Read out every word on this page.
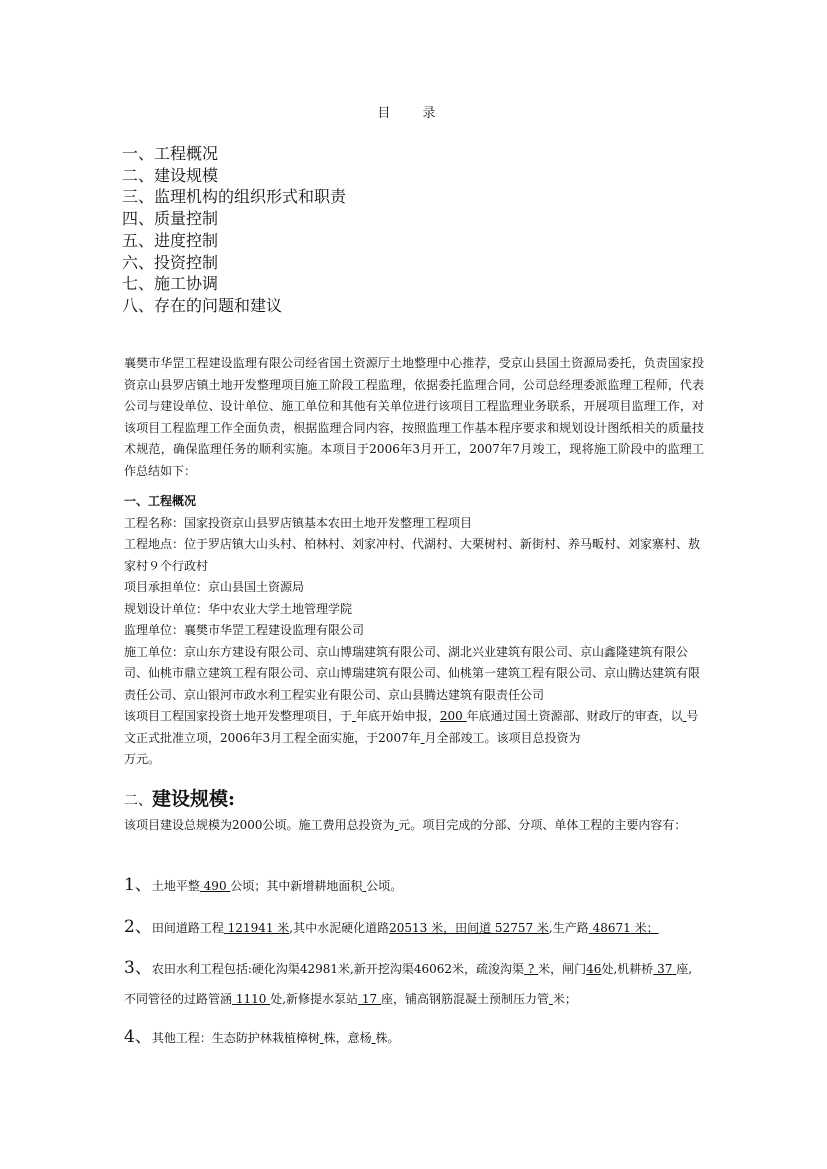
目 录
一、工程概况
二、建设规模
三、监理机构的组织形式和职责
四、质量控制
五、进度控制
六、投资控制
七、施工协调
八、存在的问题和建议

襄樊市华罡工程建设监理有限公司经省国土资源厅土地整理中心推荐，受京山县国土资源局委托，负责国家投资京山县罗店镇土地开发整理项目施工阶段工程监理，依据委托监理合同，公司总经理委派监理工程师，代表公司与建设单位、设计单位、施工单位和其他有关单位进行该项目工程监理业务联系，开展项目监理工作，对该项目工程监理工作全面负责，根据监理合同内容，按照监理工作基本程序要求和规划设计图纸相关的质量技术规范，确保监理任务的顺利实施。本项目于2006年3月开工，2007年7月竣工，现将施工阶段中的监理工作总结如下：

一、工程概况

工程名称：国家投资京山县罗店镇基本农田土地开发整理工程项目

工程地点：位于罗店镇大山头村、柏林村、刘家冲村、代湖村、大栗树村、新街村、养马畈村、刘家寨村、敖家村９个行政村

项目承担单位：京山县国土资源局

规划设计单位：华中农业大学土地管理学院

监理单位：襄樊市华罡工程建设监理有限公司

施工单位：京山东方建设有限公司、京山博瑞建筑有限公司、湖北兴业建筑有限公司、京山鑫隆建筑有限公司、仙桃市鼎立建筑工程有限公司、京山博瑞建筑有限公司、仙桃第一建筑工程有限公司、京山腾达建筑有限责任公司、京山银河市政水利工程实业有限公司、京山县腾达建筑有限责任公司

该项目工程国家投资土地开发整理项目，于 年底开始申报，200 年底通过国土资源部、财政厅的审查，以 号文正式批准立项，2006年3月工程全面实施，于2007年 月全部竣工。该项目总投资为
万元。

二、建设规模:

该项目建设总规模为2000公顷。施工费用总投资为 元。项目完成的分部、分项、单体工程的主要内容有：

1、土地平整 490 公顷；其中新增耕地面积 公顷。
2、田间道路工程 121941 米,其中水泥硬化道路20513 米，田间道 52757 米,生产路 48671 米；
3、农田水利工程包括:硬化沟渠42981米,新开挖沟渠46062米，疏浚沟渠 ? 米，闸门46处,机耕桥 37 座,不同管径的过路管涵 1110 处,新修提水泵站 17 座，铺高钢筋混凝土预制压力管 米；
4、其他工程：生态防护林栽植樟树 株，意杨 株。
